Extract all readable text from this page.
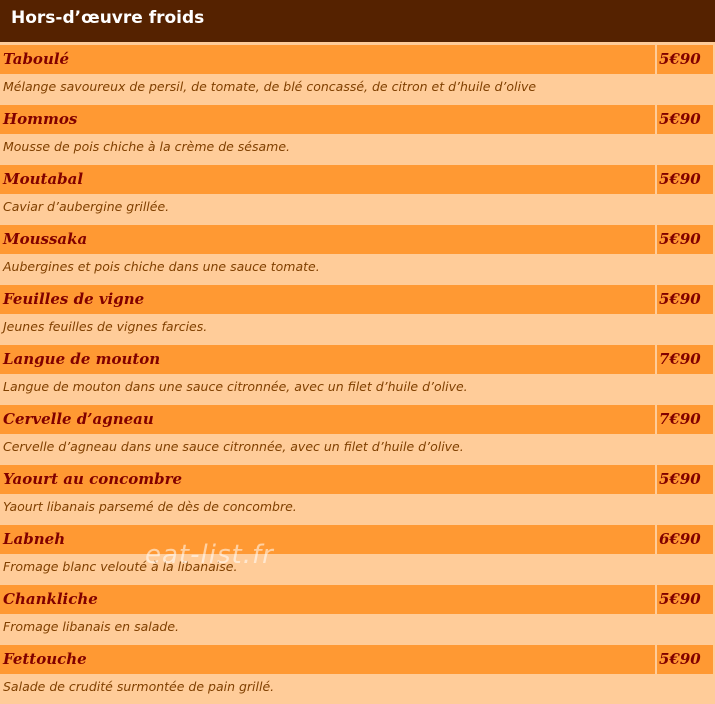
Hors-d’œuvre froids
Taboulé	5€90
Mélange savoureux de persil, de tomate, de blé concassé, de citron et d’huile d’olive
Hommos	5€90
Mousse de pois chiche à la crème de sésame.
Moutabal	5€90
Caviar d’aubergine grillée.
Moussaka	5€90
Aubergines et pois chiche dans une sauce tomate.
Feuilles de vigne	5€90
Jeunes feuilles de vignes farcies.
Langue de mouton	7€90
Langue de mouton dans une sauce citronnée, avec un filet d’huile d’olive.
Cervelle d’agneau	7€90
Cervelle d’agneau dans une sauce citronnée, avec un filet d’huile d’olive.
Yaourt au concombre	5€90
Yaourt libanais parsemé de dès de concombre.
Labneh	6€90
Fromage blanc velouté à la libanaise.
Chankliche	5€90
Fromage libanais en salade.
Fettouche	5€90
Salade de crudité surmontée de pain grillé.
eat-list.fr
